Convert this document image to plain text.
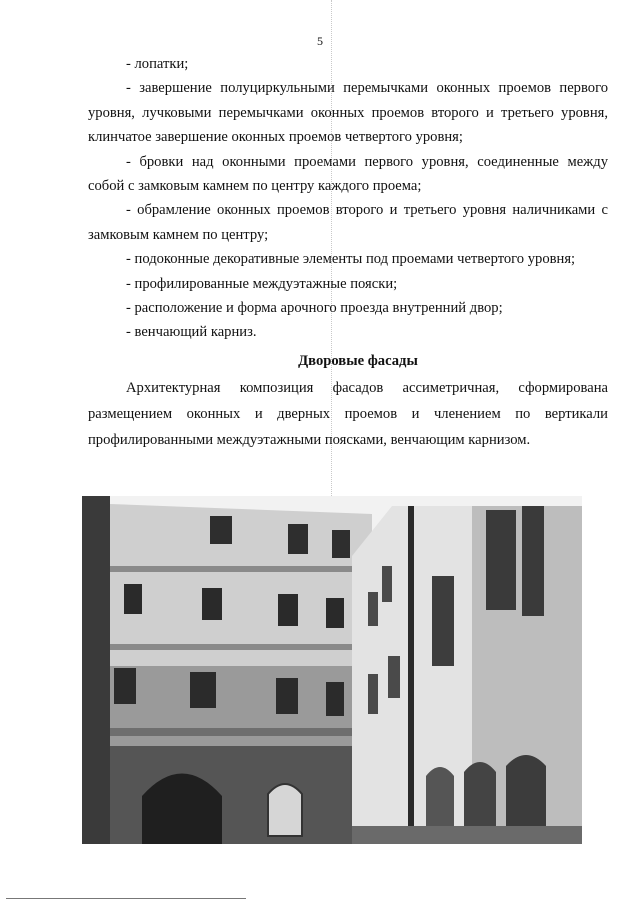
5

- лопатки;

- завершение полуциркульными перемычками оконных проемов первого уровня, лучковыми перемычками оконных проемов второго и третьего уровня, клинчатое завершение оконных проемов четвертого уровня;

- бровки над оконными проемами первого уровня, соединенные между собой с замковым камнем по центру каждого проема;

- обрамление оконных проемов второго и третьего уровня наличниками с замковым камнем по центру;

- подоконные декоративные элементы под проемами четвертого уровня;

- профилированные междуэтажные пояски;

- расположение и форма арочного проезда внутренний двор;

- венчающий карниз.

Дворовые фасады

Архитектурная композиция фасадов ассиметричная, сформирована размещением оконных и дверных проемов и членением по вертикали профилированными междуэтажными поясками, венчающим карнизом.
